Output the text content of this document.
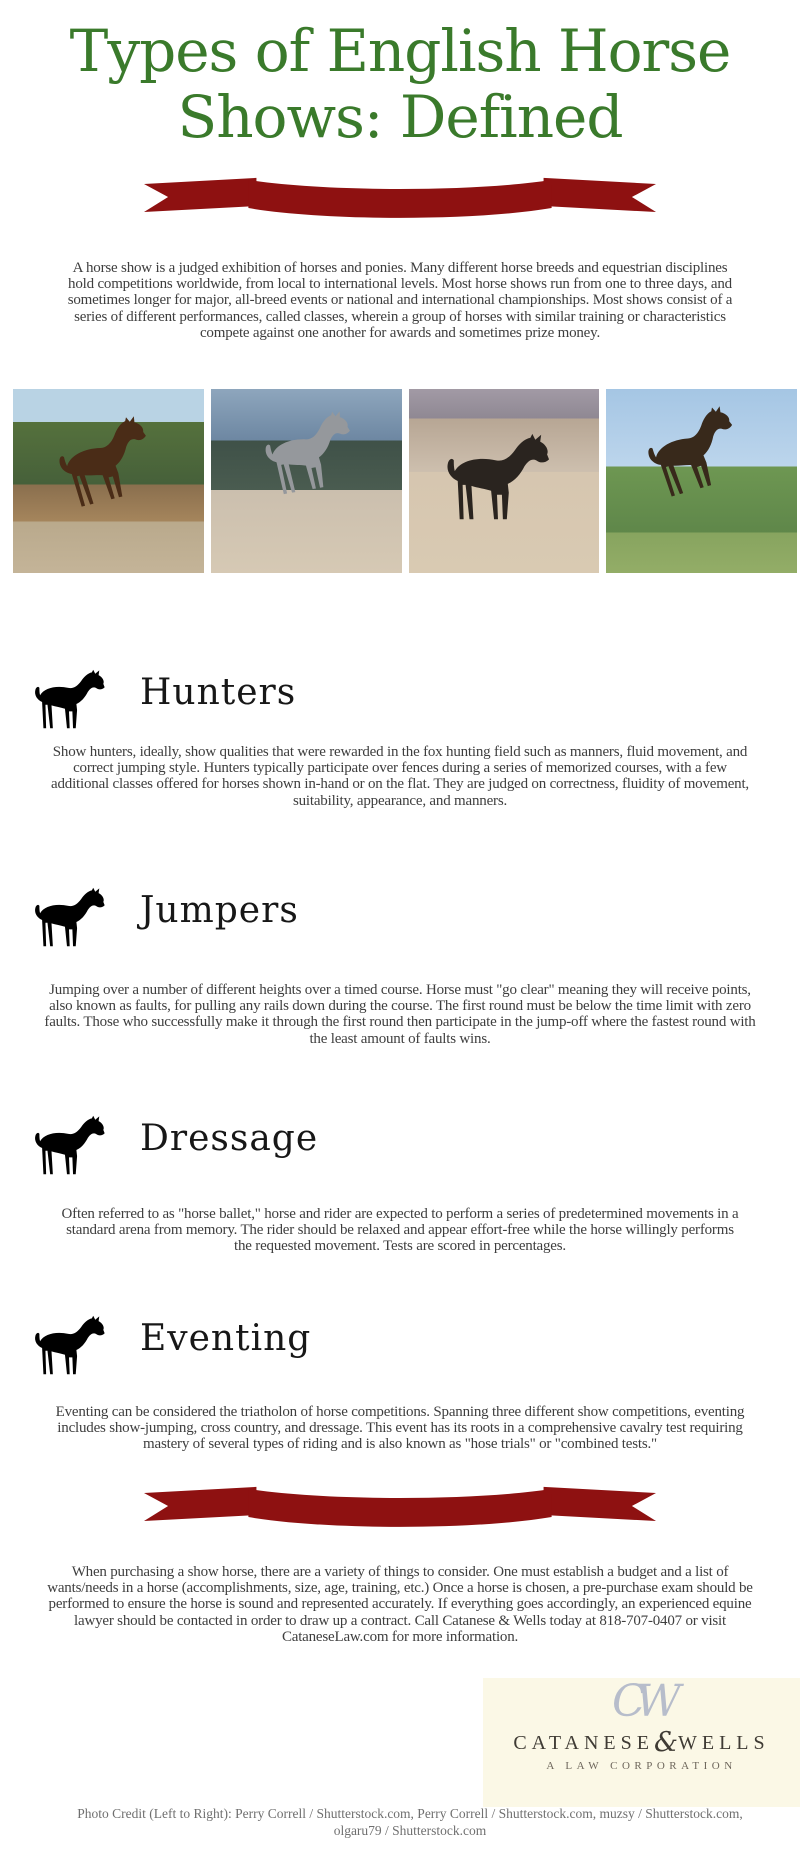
Types of English Horse
Shows: Defined
A horse show is a judged exhibition of horses and ponies. Many different horse breeds and equestrian disciplines hold competitions worldwide, from local to international levels. Most horse shows run from one to three days, and sometimes longer for major, all-breed events or national and international championships. Most shows consist of a series of different performances, called classes, wherein a group of horses with similar training or characteristics compete against one another for awards and sometimes prize money.
Hunters
Show hunters, ideally, show qualities that were rewarded in the fox hunting field such as manners, fluid movement, and correct jumping style. Hunters typically participate over fences during a series of memorized courses, with a few additional classes offered for horses shown in-hand or on the flat. They are judged on correctness, fluidity of movement, suitability, appearance, and manners.
Jumpers
Jumping over a number of different heights over a timed course. Horse must "go clear" meaning they will receive points, also known as faults, for pulling any rails down during the course. The first round must be below the time limit with zero faults. Those who successfully make it through the first round then participate in the jump-off where the fastest round with the least amount of faults wins.
Dressage
Often referred to as "horse ballet," horse and rider are expected to perform a series of predetermined movements in a standard arena from memory. The rider should be relaxed and appear effort-free while the horse willingly performs the requested movement. Tests are scored in percentages.
Eventing
Eventing can be considered the triatholon of horse competitions. Spanning three different show competitions, eventing includes show-jumping, cross country, and dressage. This event has its roots in a comprehensive cavalry test requiring mastery of several types of riding and is also known as "hose trials" or "combined tests."
When purchasing a show horse, there are a variety of things to consider. One must establish a budget and a list of wants/needs in a horse (accomplishments, size, age, training, etc.) Once a horse is chosen, a pre-purchase exam should be performed to ensure the horse is sound and represented accurately. If everything goes accordingly, an experienced equine lawyer should be contacted in order to draw up a contract. Call Catanese & Wells today at 818-707-0407 or visit CataneseLaw.com for more information.
CW
CATANESE&WELLS
A LAW CORPORATION
Photo Credit (Left to Right): Perry Correll / Shutterstock.com, Perry Correll / Shutterstock.com, muzsy / Shutterstock.com, olgaru79 / Shutterstock.com
